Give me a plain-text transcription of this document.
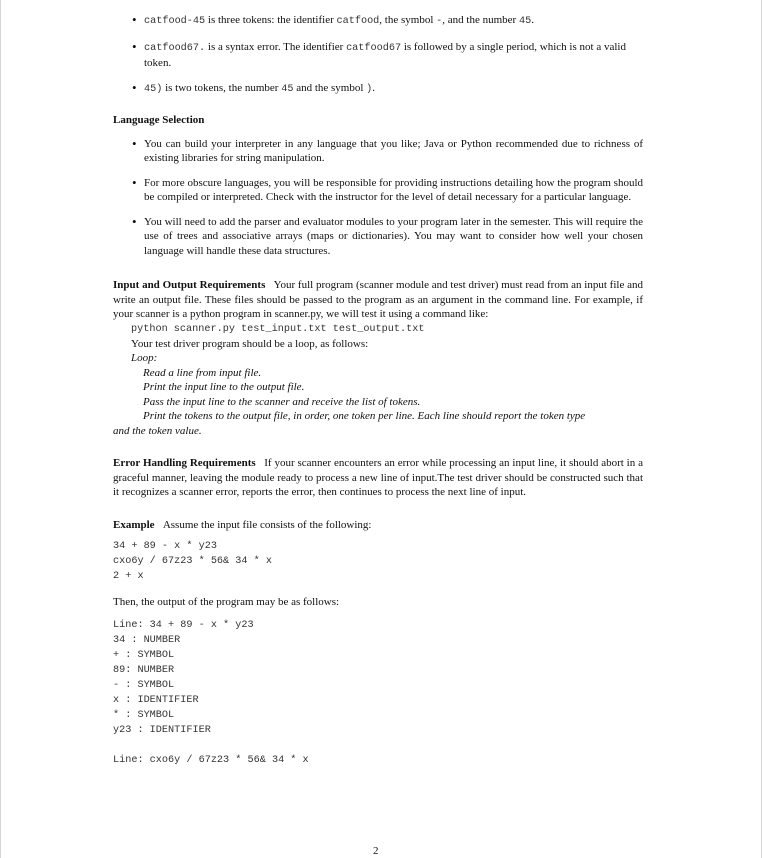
• catfood-45 is three tokens: the identifier catfood, the symbol -, and the number 45.
• catfood67. is a syntax error. The identifier catfood67 is followed by a single period, which is not a valid token.
• 45) is two tokens, the number 45 and the symbol ).
Language Selection
• You can build your interpreter in any language that you like; Java or Python recommended due to richness of existing libraries for string manipulation.
• For more obscure languages, you will be responsible for providing instructions detailing how the program should be compiled or interpreted. Check with the instructor for the level of detail necessary for a particular language.
• You will need to add the parser and evaluator modules to your program later in the semester. This will require the use of trees and associative arrays (maps or dictionaries). You may want to consider how well your chosen language will handle these data structures.
Input and Output Requirements Your full program (scanner module and test driver) must read from an input file and write an output file. These files should be passed to the program as an argument in the command line. For example, if your scanner is a python program in scanner.py, we will test it using a command like:
python scanner.py test_input.txt test_output.txt
Your test driver program should be a loop, as follows:
Loop:
Read a line from input file.
Print the input line to the output file.
Pass the input line to the scanner and receive the list of tokens.
Print the tokens to the output file, in order, one token per line. Each line should report the token type
and the token value.
Error Handling Requirements If your scanner encounters an error while processing an input line, it should abort in a graceful manner, leaving the module ready to process a new line of input.The test driver should be constructed such that it recognizes a scanner error, reports the error, then continues to process the next line of input.
Example Assume the input file consists of the following:
34 + 89 - x * y23
cxo6y / 67z23 * 56& 34 * x
2 + x
Then, the output of the program may be as follows:
Line: 34 + 89 - x * y23
34 : NUMBER
+ : SYMBOL
89: NUMBER
- : SYMBOL
x : IDENTIFIER
* : SYMBOL
y23 : IDENTIFIER
Line: cxo6y / 67z23 * 56& 34 * x
2
